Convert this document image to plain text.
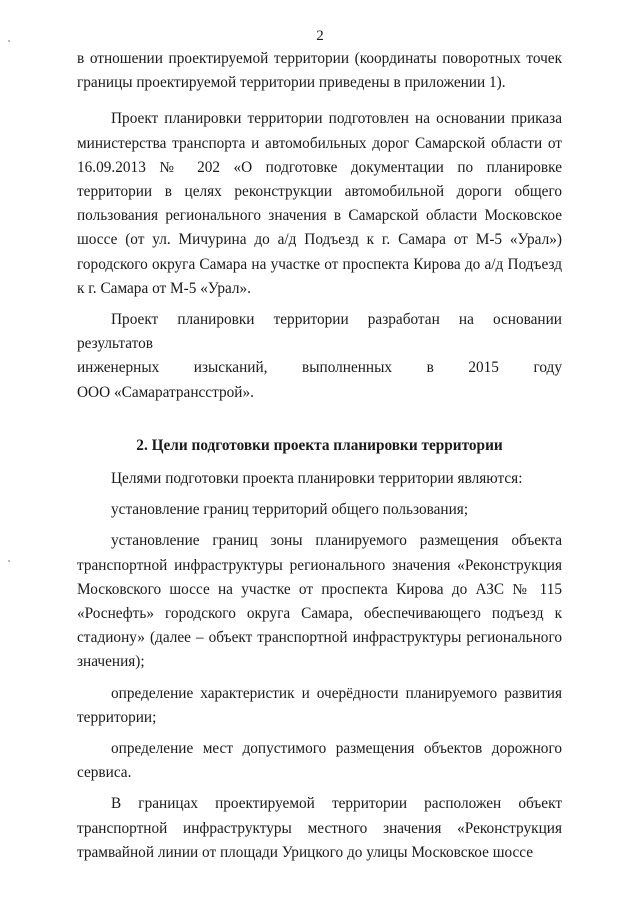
2

в отношении проектируемой территории (координаты поворотных точек границы проектируемой территории приведены в приложении 1).

Проект планировки территории подготовлен на основании приказа министерства транспорта и автомобильных дорог Самарской области от 16.09.2013 № 202 «О подготовке документации по планировке территории в целях реконструкции автомобильной дороги общего пользования регионального значения в Самарской области Московское шоссе (от ул. Мичурина до а/д Подъезд к г. Самара от М-5 «Урал») городского округа Самара на участке от проспекта Кирова до а/д Подъезд к г. Самара от М-5 «Урал».

Проект планировки территории разработан на основании результатов

инженерных изысканий, выполненных в 2015 году

ООО «Самаратрансстрой».

2. Цели подготовки проекта планировки территории

Целями подготовки проекта планировки территории являются:

установление границ территорий общего пользования;

установление границ зоны планируемого размещения объекта транспортной инфраструктуры регионального значения «Реконструкция Московского шоссе на участке от проспекта Кирова до АЗС № 115 «Роснефть» городского округа Самара, обеспечивающего подъезд к стадиону» (далее – объект транспортной инфраструктуры регионального значения);

определение характеристик и очерёдности планируемого развития территории;

определение мест допустимого размещения объектов дорожного сервиса.

В границах проектируемой территории расположен объект транспортной инфраструктуры местного значения «Реконструкция трамвайной линии от площади Урицкого до улицы Московское шоссе
